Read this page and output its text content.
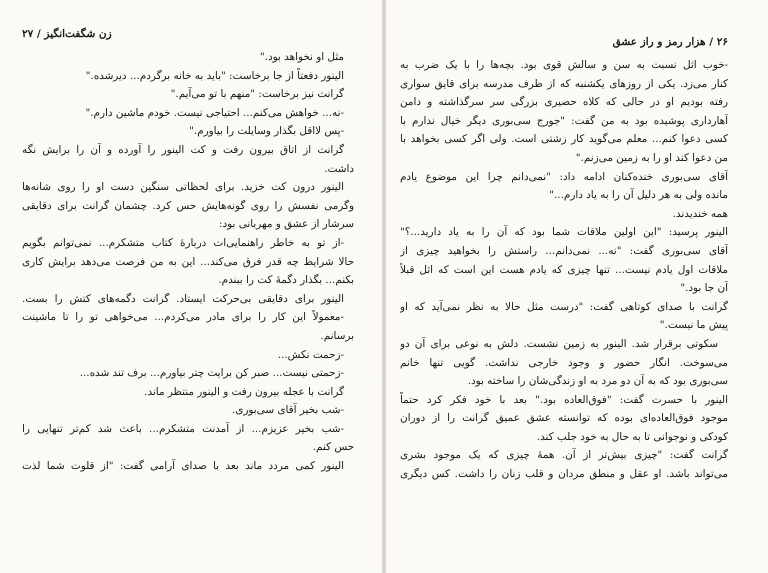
زن شگفت‌انگیز / ۲۷
مثل او نخواهد بود."
الینور دفعتاً از جا برخاست: "باید به خانه برگردم... دیرشده."
گرانت نیز برخاست: "منهم با تو می‌آیم."
-نه... خواهش می‌کنم... احتیاجی نیست. خودم ماشین دارم."
-پس لااقل بگذار وسایلت را بیاورم."
گرانت از اتاق بیرون رفت و کت الینور را آورده و آن را برایش نگه
داشت.
الینور درون کت خزید. برای لحظاتی سنگین دست او را روی شانه‌ها
وگرمی نفسش را روی گونه‌هایش حس کرد. چشمان گرانت برای دقایقی
سرشار از عشق و مهربانی بود:
-از تو به خاطر راهنمایی‌ات دربارهٔ کتاب متشکرم... نمی‌توانم بگویم
حالا شرایط چه قدر فرق می‌کند... این به من فرصت می‌دهد برایش کاری
بکنم... بگذار دگمهٔ کت را ببندم.
الینور برای دقایقی بی‌حرکت ایستاد. گرانت دگمه‌های کتش را بست.
-معمولاً این کار را برای مادر می‌کردم... می‌خواهی تو را تا ماشینت
برسانم.
-زحمت نکش...
-زحمتی نیست... صبر کن برایت چتر بیاورم... برف تند شده...
گرانت با عجله بیرون رفت و الینور منتظر ماند.
-شب بخیر آقای سی‌بوری.
-شب بخیر عزیزم... از آمدنت متشکرم... باعث شد کم‌تر تنهایی را
حس کنم.
الینور کمی مردد ماند بعد با صدای آرامی گفت: "از قلوت شما لذت
۲۶ / هزار رمز و راز عشق
-خوب اثل نسبت به سن و سالش قوی بود. بچه‌ها را با یک ضرب به
کنار می‌زد. یکی از روزهای یکشنبه که از طرف مدرسه برای قایق سواری
رفته بودیم او در حالی که کلاه حصیری بزرگی سر سرگذاشته و دامن
آهارداری پوشیده بود به من گفت: "جورج سی‌بوری دیگر خیال ندارم با
کسی دعوا کنم... معلم می‌گوید کار زشتی است. ولی اگر کسی بخواهد با
من دعوا کند او را به زمین می‌زنم."
آقای سی‌بوری خنده‌کنان ادامه داد: "نمی‌دانم چرا این موضوع یادم
مانده ولی به هر دلیل آن را به یاد دارم..."
همه خندیدند.
الینور پرسید: "این اولین ملاقات شما بود که آن را به یاد دارید...؟"
آقای سی‌بوری گفت: "نه... نمی‌دانم... راستش را بخواهید چیزی از
ملاقات اول یادم نیست... تنها چیزی که یادم هست این است که اثل قبلاً
آن جا بود."
گرانت با صدای کوتاهی گفت: "درست مثل حالا به نظر نمی‌آید که او
پیش ما نیست."
سکوتی برقرار شد. الینور به زمین نشست. دلش به نوعی برای آن دو
می‌سوخت. انگار حضور و وجود خارجی نداشت. گویی تنها خانم
سی‌بوری بود که به آن دو مرد به او زندگی‌شان را ساخته بود.
الینور با حسرت گفت: "فوق‌العاده بود." بعد با خود فکر کرد حتماً
موجود فوق‌العاده‌ای بوده که توانسته عشق عمیق گرانت را از دوران
کودکی و نوجوانی تا به حال به خود جلب کند.
گرانت گفت: "چیزی بیش‌تر از آن. همهٔ چیزی که یک موجود بشری
می‌تواند باشد. او عقل و منطق مردان و قلب زنان را داشت. کس دیگری
